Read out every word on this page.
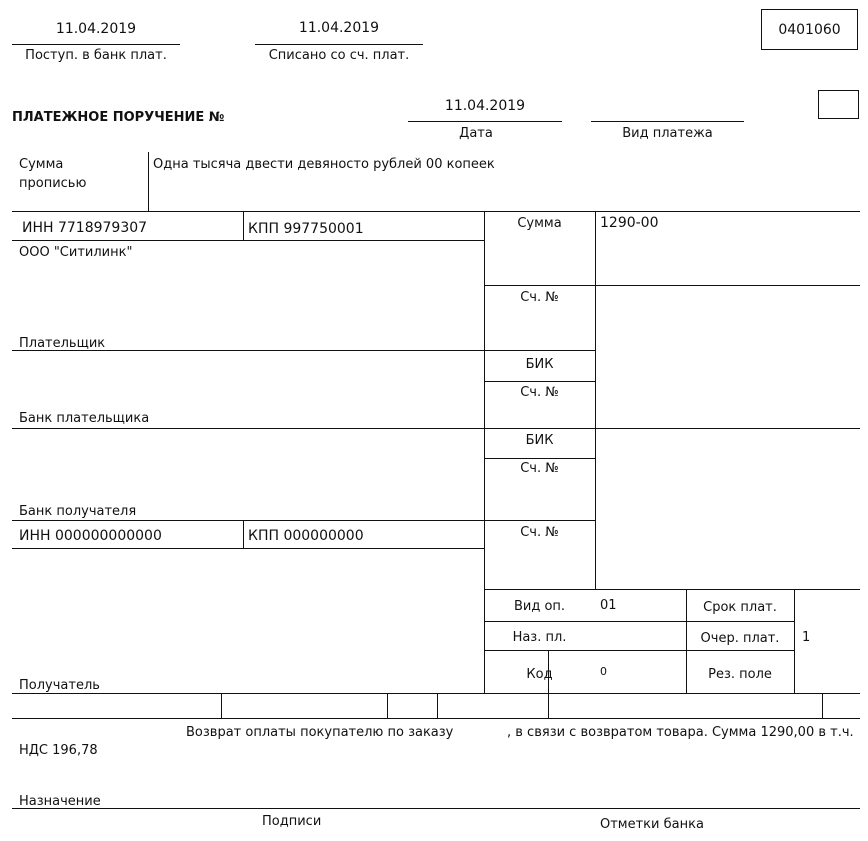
11.04.2019
Поступ. в банк плат.
11.04.2019
Списано со сч. плат.
0401060
ПЛАТЕЖНОЕ ПОРУЧЕНИЕ №
11.04.2019
Дата	Вид платежа
Сумма
прописью
Одна тысяча двести девяносто рублей 00 копеек
ИНН 7718979307	КПП 997750001
ООО "Ситилинк"
Плательщик
Банк плательщика
Сумма	1290-00
Сч. №
БИК
Сч. №
БИК
Сч. №
Сч. №
Банк получателя
ИНН 000000000000	КПП 000000000
Получатель
Вид оп.	01
Наз. пл.
Код	0
Срок плат.
Очер. плат.	1
Рез. поле
Возврат оплаты покупателю по заказу	, в связи с возвратом товара. Сумма 1290,00 в т.ч.
НДС 196,78
Назначение
Подписи	Отметки банка
